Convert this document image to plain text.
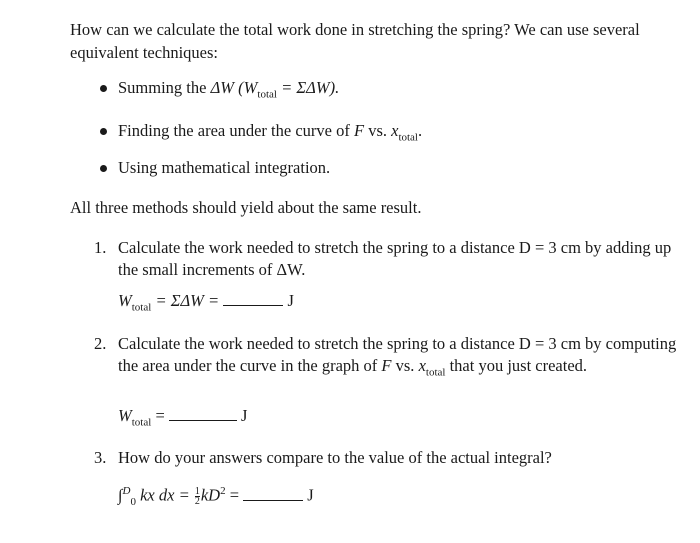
How can we calculate the total work done in stretching the spring? We can use several equivalent techniques:
Summing the ΔW $(W_{total} = \Sigma\Delta W)$.
Finding the area under the curve of F vs. $x_{total}$.
Using mathematical integration.
All three methods should yield about the same result.
1. Calculate the work needed to stretch the spring to a distance D = 3 cm by adding up the small increments of ΔW.
$W_{total} = \Sigma\Delta W$ =	J
2. Calculate the work needed to stretch the spring to a distance D = 3 cm by computing the area under the curve in the graph of F vs. $x_{total}$ that you just created.
$W_{total}$ =	J
3. How do your answers compare to the value of the actual integral?
∫$^D_0$ kx dx = $\frac{1}{2} kD^2$ =	J
